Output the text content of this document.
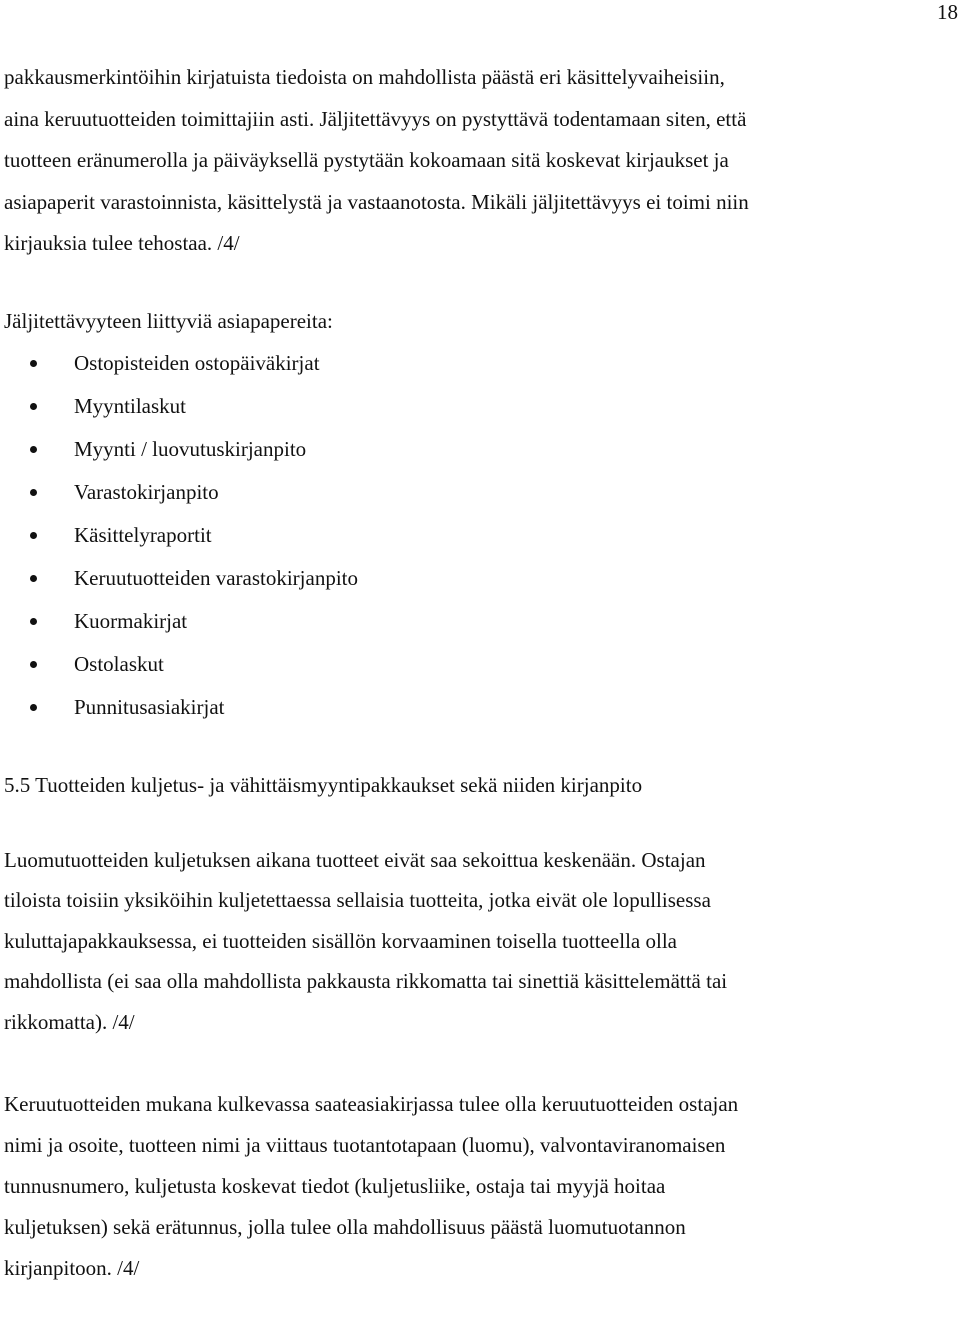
18

pakkausmerkintöihin kirjatuista tiedoista on mahdollista päästä eri käsittelyvaiheisiin,
aina keruutuotteiden toimittajiin asti. Jäljitettävyys on pystyttävä todentamaan siten, että
tuotteen eränumerolla ja päiväyksellä pystytään kokoamaan sitä koskevat kirjaukset ja
asiapaperit varastoinnista, käsittelystä ja vastaanotosta. Mikäli jäljitettävyys ei toimi niin
kirjauksia tulee tehostaa. /4/

Jäljitettävyyteen liittyviä asiapapereita:

Ostopisteiden ostopäiväkirjat
Myyntilaskut
Myynti / luovutuskirjanpito
Varastokirjanpito
Käsittelyraportit
Keruutuotteiden varastokirjanpito
Kuormakirjat
Ostolaskut
Punnitusasiakirjat

5.5 Tuotteiden kuljetus- ja vähittäismyyntipakkaukset sekä niiden kirjanpito

Luomutuotteiden kuljetuksen aikana tuotteet eivät saa sekoittua keskenään. Ostajan
tiloista toisiin yksiköihin kuljetettaessa sellaisia tuotteita, jotka eivät ole lopullisessa
kuluttajapakkauksessa, ei tuotteiden sisällön korvaaminen toisella tuotteella olla
mahdollista (ei saa olla mahdollista pakkausta rikkomatta tai sinettiä käsittelemättä tai
rikkomatta). /4/

Keruutuotteiden mukana kulkevassa saateasiakirjassa tulee olla keruutuotteiden ostajan
nimi ja osoite, tuotteen nimi ja viittaus tuotantotapaan (luomu), valvontaviranomaisen
tunnusnumero, kuljetusta koskevat tiedot (kuljetusliike, ostaja tai myyjä hoitaa
kuljetuksen) sekä erätunnus, jolla tulee olla mahdollisuus päästä luomutuotannon
kirjanpitoon. /4/
